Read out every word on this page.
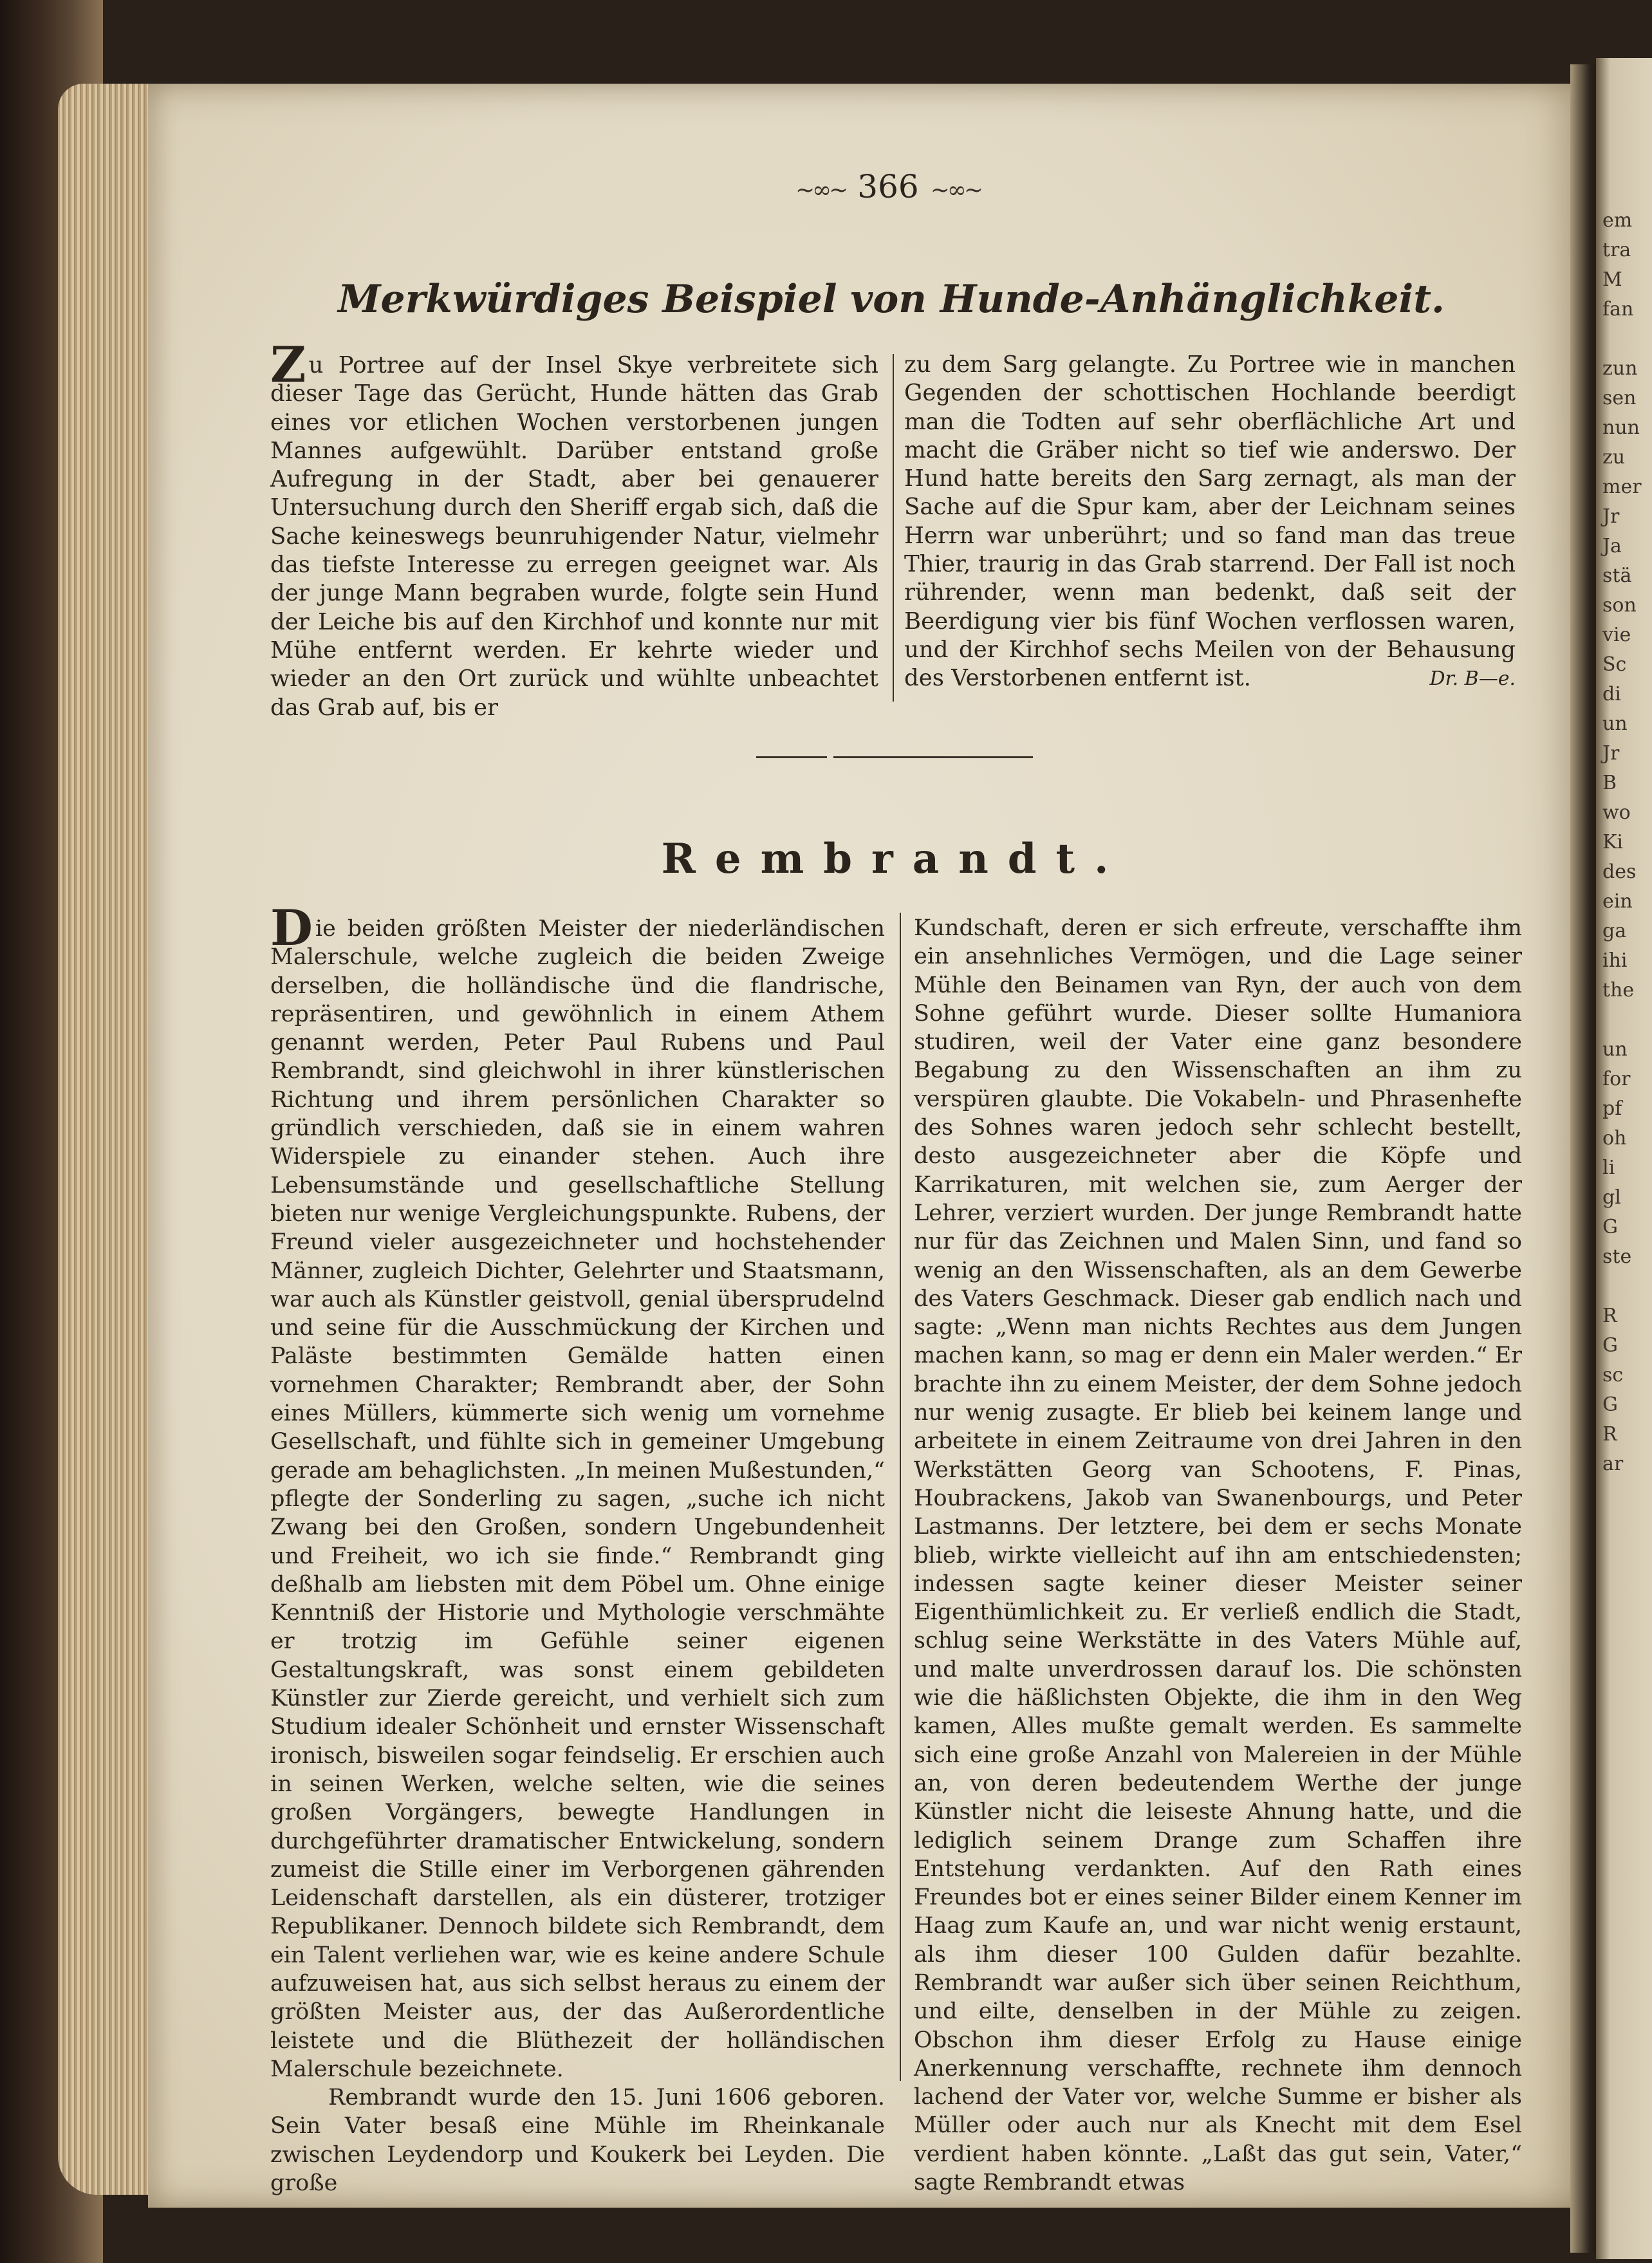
em
tra
M
fan
zun
sen
nun
zu
mer
Jr
Ja
stä
son
vie
Sc
di
un
Jr
B
wo
Ki
des
ein
ga
ihi
the
un
for
pf
oh
li
gl
G
ste
R
G
sc
G
R
ar
~∞~ 366 ~∞~
Merkwürdiges Beispiel von Hunde-Anhänglichkeit.

Zu Portree auf der Insel Skye verbreitete sich dieser Tage das Gerücht, Hunde hätten das Grab eines vor etlichen Wochen verstorbenen jungen Mannes aufgewühlt. Darüber entstand große Aufregung in der Stadt, aber bei genauerer Untersuchung durch den Sheriff ergab sich, daß die Sache keineswegs beunruhigender Natur, vielmehr das tiefste Interesse zu erregen geeignet war. Als der junge Mann begraben wurde, folgte sein Hund der Leiche bis auf den Kirchhof und konnte nur mit Mühe entfernt werden. Er kehrte wieder und wieder an den Ort zurück und wühlte unbeachtet das Grab auf, bis er

zu dem Sarg gelangte. Zu Portree wie in manchen Gegenden der schottischen Hochlande beerdigt man die Todten auf sehr oberflächliche Art und macht die Gräber nicht so tief wie anderswo. Der Hund hatte bereits den Sarg zernagt, als man der Sache auf die Spur kam, aber der Leichnam seines Herrn war unberührt; und so fand man das treue Thier, traurig in das Grab starrend. Der Fall ist noch rührender, wenn man bedenkt, daß seit der Beerdigung vier bis fünf Wochen verflossen waren, und der Kirchhof sechs Meilen von der Behausung des Verstorbenen entfernt ist.	Dr. B—e.

Rembrandt.

Die beiden größten Meister der niederländischen Malerschule, welche zugleich die beiden Zweige derselben, die holländische ünd die flandrische, repräsentiren, und gewöhnlich in einem Athem genannt werden, Peter Paul Rubens und Paul Rembrandt, sind gleichwohl in ihrer künstlerischen Richtung und ihrem persönlichen Charakter so gründlich verschieden, daß sie in einem wahren Widerspiele zu einander stehen. Auch ihre Lebensumstände und gesellschaftliche Stellung bieten nur wenige Vergleichungspunkte. Rubens, der Freund vieler ausgezeichneter und hochstehender Männer, zugleich Dichter, Gelehrter und Staatsmann, war auch als Künstler geistvoll, genial übersprudelnd und seine für die Ausschmückung der Kirchen und Paläste bestimmten Gemälde hatten einen vornehmen Charakter; Rembrandt aber, der Sohn eines Müllers, kümmerte sich wenig um vornehme Gesellschaft, und fühlte sich in gemeiner Umgebung gerade am behaglichsten. „In meinen Mußestunden,“ pflegte der Sonderling zu sagen, „suche ich nicht Zwang bei den Großen, sondern Ungebundenheit und Freiheit, wo ich sie finde.“ Rembrandt ging deßhalb am liebsten mit dem Pöbel um. Ohne einige Kenntniß der Historie und Mythologie verschmähte er trotzig im Gefühle seiner eigenen Gestaltungskraft, was sonst einem gebildeten Künstler zur Zierde gereicht, und verhielt sich zum Studium idealer Schönheit und ernster Wissenschaft ironisch, bisweilen sogar feindselig. Er erschien auch in seinen Werken, welche selten, wie die seines großen Vorgängers, bewegte Handlungen in durchgeführter dramatischer Entwickelung, sondern zumeist die Stille einer im Verborgenen gährenden Leidenschaft darstellen, als ein düsterer, trotziger Republikaner. Dennoch bildete sich Rembrandt, dem ein Talent verliehen war, wie es keine andere Schule aufzuweisen hat, aus sich selbst heraus zu einem der größten Meister aus, der das Außerordentliche leistete und die Blüthezeit der holländischen Malerschule bezeichnete.

Rembrandt wurde den 15. Juni 1606 geboren. Sein Vater besaß eine Mühle im Rheinkanale zwischen Leydendorp und Koukerk bei Leyden. Die große

Kundschaft, deren er sich erfreute, verschaffte ihm ein ansehnliches Vermögen, und die Lage seiner Mühle den Beinamen van Ryn, der auch von dem Sohne geführt wurde. Dieser sollte Humaniora studiren, weil der Vater eine ganz besondere Begabung zu den Wissenschaften an ihm zu verspüren glaubte. Die Vokabeln- und Phrasenhefte des Sohnes waren jedoch sehr schlecht bestellt, desto ausgezeichneter aber die Köpfe und Karrikaturen, mit welchen sie, zum Aerger der Lehrer, verziert wurden. Der junge Rembrandt hatte nur für das Zeichnen und Malen Sinn, und fand so wenig an den Wissenschaften, als an dem Gewerbe des Vaters Geschmack. Dieser gab endlich nach und sagte: „Wenn man nichts Rechtes aus dem Jungen machen kann, so mag er denn ein Maler werden.“ Er brachte ihn zu einem Meister, der dem Sohne jedoch nur wenig zusagte. Er blieb bei keinem lange und arbeitete in einem Zeitraume von drei Jahren in den Werkstätten Georg van Schootens, F. Pinas, Houbrackens, Jakob van Swanenbourgs, und Peter Lastmanns. Der letztere, bei dem er sechs Monate blieb, wirkte vielleicht auf ihn am entschiedensten; indessen sagte keiner dieser Meister seiner Eigenthümlichkeit zu. Er verließ endlich die Stadt, schlug seine Werkstätte in des Vaters Mühle auf, und malte unverdrossen darauf los. Die schönsten wie die häßlichsten Objekte, die ihm in den Weg kamen, Alles mußte gemalt werden. Es sammelte sich eine große Anzahl von Malereien in der Mühle an, von deren bedeutendem Werthe der junge Künstler nicht die leiseste Ahnung hatte, und die lediglich seinem Drange zum Schaffen ihre Entstehung verdankten. Auf den Rath eines Freundes bot er eines seiner Bilder einem Kenner im Haag zum Kaufe an, und war nicht wenig erstaunt, als ihm dieser 100 Gulden dafür bezahlte. Rembrandt war außer sich über seinen Reichthum, und eilte, denselben in der Mühle zu zeigen. Obschon ihm dieser Erfolg zu Hause einige Anerkennung verschaffte, rechnete ihm dennoch lachend der Vater vor, welche Summe er bisher als Müller oder auch nur als Knecht mit dem Esel verdient haben könnte. „Laßt das gut sein, Vater,“ sagte Rembrandt etwas
